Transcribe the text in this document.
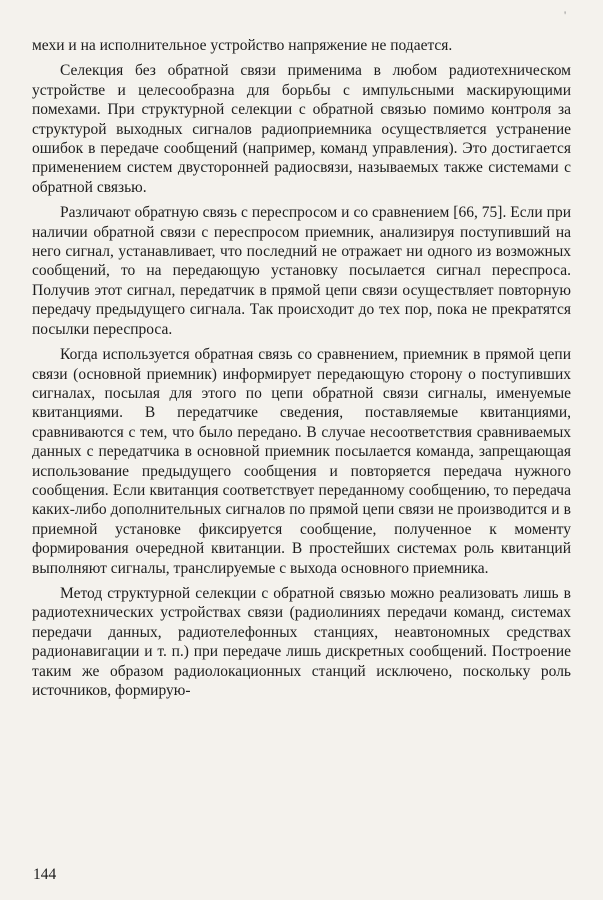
'

мехи и на исполнительное устройство напряжение не подается.

Селекция без обратной связи применима в любом радиотехническом устройстве и целесообразна для борьбы с импульсными маскирующими помехами. При структурной селекции с обратной связью помимо контроля за структурой выходных сигналов радиоприемника осуществляется устранение ошибок в передаче сообщений (например, команд управления). Это достигается применением систем двусторонней радиосвязи, называемых также системами с обратной связью.

Различают обратную связь с переспросом и со сравнением [66, 75]. Если при наличии обратной связи с переспросом приемник, анализируя поступивший на него сигнал, устанавливает, что последний не отражает ни одного из возможных сообщений, то на передающую установку посылается сигнал переспроса. Получив этот сигнал, передатчик в прямой цепи связи осуществляет повторную передачу предыдущего сигнала. Так происходит до тех пор, пока не прекратятся посылки переспроса.

Когда используется обратная связь со сравнением, приемник в прямой цепи связи (основной приемник) информирует передающую сторону о поступивших сигналах, посылая для этого по цепи обратной связи сигналы, именуемые квитанциями. В передатчике сведения, поставляемые квитанциями, сравниваются с тем, что было передано. В случае несоответствия сравниваемых данных с передатчика в основной приемник посылается команда, запрещающая использование предыдущего сообщения и повторяется передача нужного сообщения. Если квитанция соответствует переданному сообщению, то передача каких-либо дополнительных сигналов по прямой цепи связи не производится и в приемной установке фиксируется сообщение, полученное к моменту формирования очередной квитанции. В простейших системах роль квитанций выполняют сигналы, транслируемые с выхода основного приемника.

Метод структурной селекции с обратной связью можно реализовать лишь в радиотехнических устройствах связи (радиолиниях передачи команд, системах передачи данных, радиотелефонных станциях, неавтономных средствах радионавигации и т. п.) при передаче лишь дискретных сообщений. Построение таким же образом радиолокационных станций исключено, поскольку роль источников, формирую-

144
